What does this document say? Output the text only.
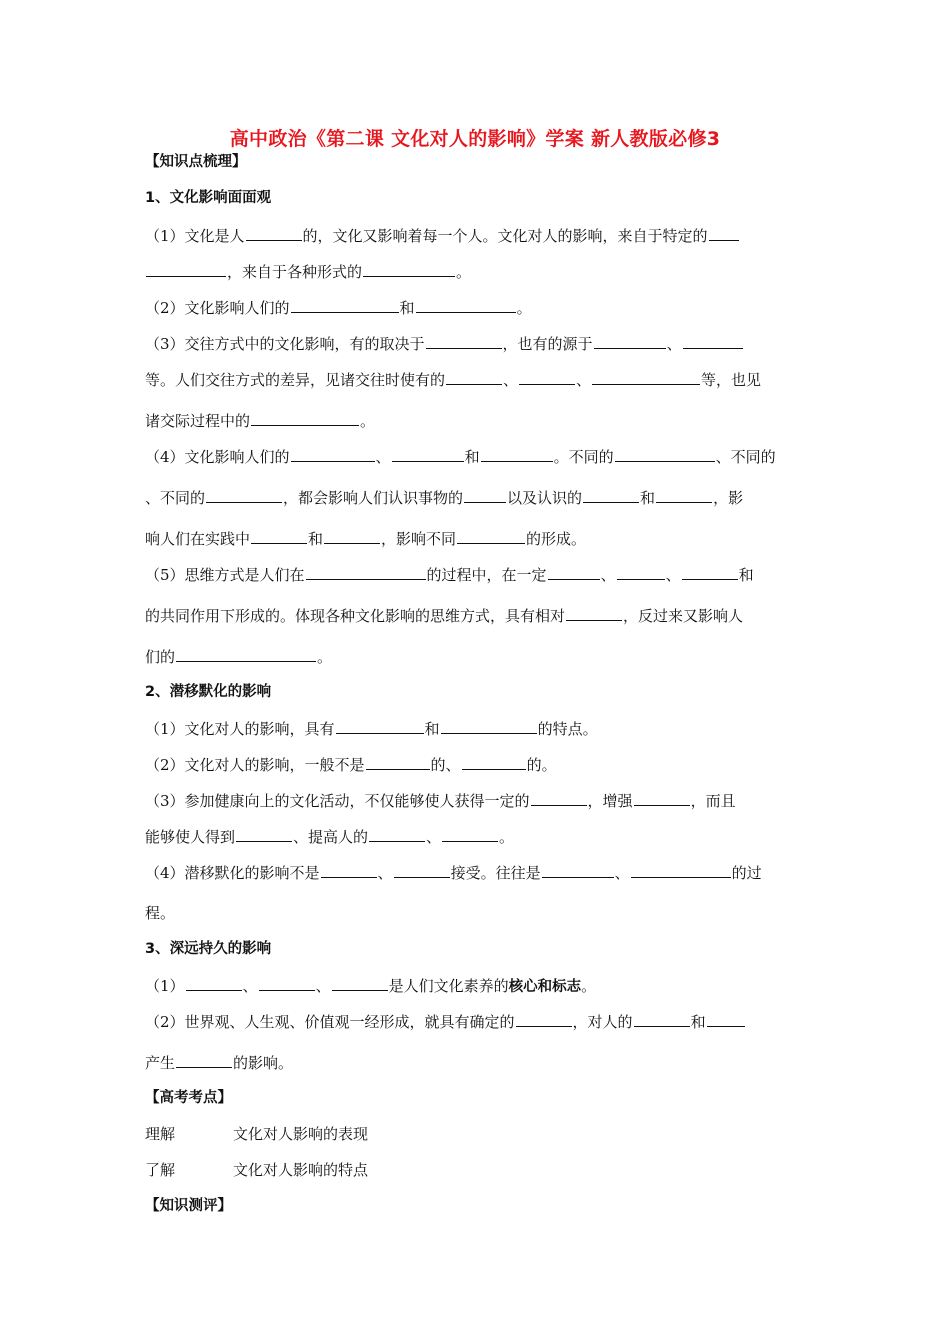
高中政治《第二课 文化对人的影响》学案 新人教版必修3
【知识点梳理】
1、文化影响面面观
（1）文化是人	的，文化又影响着每一个人。文化对人的影响，来自于特定的
，来自于各种形式的	。
（2）文化影响人们的	和	。
（3）交往方式中的文化影响，有的取决于	，也有的源于	、
等。人们交往方式的差异，见诸交往时使有的	、	、	等，也见
诸交际过程中的	。
（4）文化影响人们的	、	和	。不同的	、不同的
、不同的	，都会影响人们认识事物的	以及认识的	和	，影
响人们在实践中	和	，影响不同	的形成。
（5）思维方式是人们在	的过程中，在一定	、	、	和
的共同作用下形成的。体现各种文化影响的思维方式，具有相对	，反过来又影响人
们的	。
2、潜移默化的影响
（1）文化对人的影响，具有	和	的特点。
（2）文化对人的影响，一般不是	的、	的。
（3）参加健康向上的文化活动，不仅能够使人获得一定的	，增强	，而且
能够使人得到	、提高人的	、	。
（4）潜移默化的影响不是	、	接受。往往是	、	的过
程。
3、深远持久的影响
（1）	、	、	是人们文化素养的核心和标志。
（2）世界观、人生观、价值观一经形成，就具有确定的	，对人的	和
产生	的影响。
【高考考点】
理解	文化对人影响的表现
了解	文化对人影响的特点
【知识测评】
